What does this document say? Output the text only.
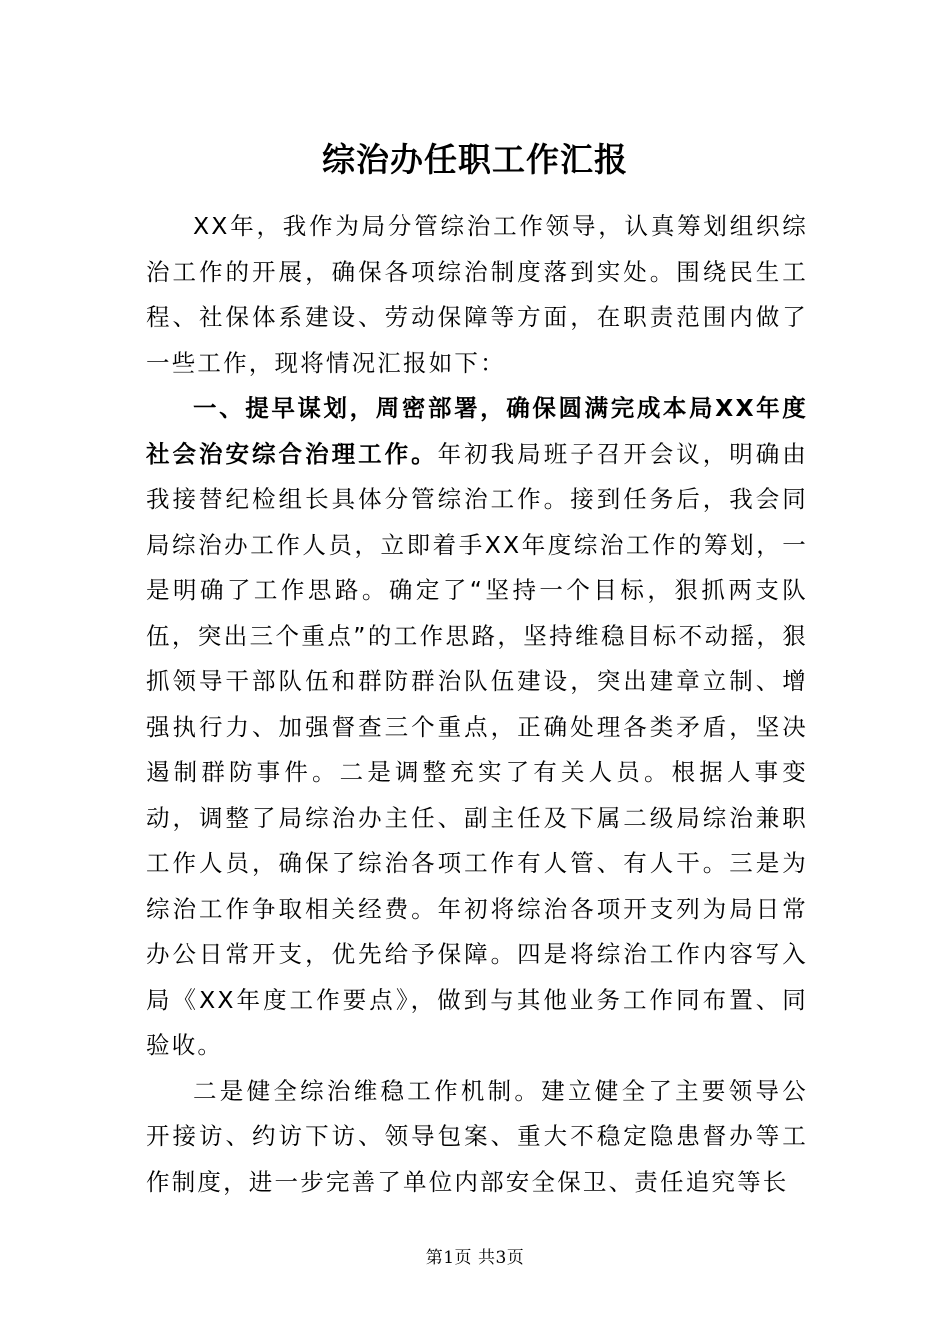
综治办任职工作汇报

XX年，我作为局分管综治工作领导，认真筹划组织综治工作的开展，确保各项综治制度落到实处。围绕民生工程、社保体系建设、劳动保障等方面，在职责范围内做了一些工作，现将情况汇报如下：

一、提早谋划，周密部署，确保圆满完成本局XX年度社会治安综合治理工作。年初我局班子召开会议，明确由我接替纪检组长具体分管综治工作。接到任务后，我会同局综治办工作人员，立即着手XX年度综治工作的筹划，一是明确了工作思路。确定了“坚持一个目标，狠抓两支队伍，突出三个重点”的工作思路，坚持维稳目标不动摇，狠抓领导干部队伍和群防群治队伍建设，突出建章立制、增强执行力、加强督查三个重点，正确处理各类矛盾，坚决遏制群防事件。二是调整充实了有关人员。根据人事变动，调整了局综治办主任、副主任及下属二级局综治兼职工作人员，确保了综治各项工作有人管、有人干。三是为综治工作争取相关经费。年初将综治各项开支列为局日常办公日常开支，优先给予保障。四是将综治工作内容写入局《XX年度工作要点》，做到与其他业务工作同布置、同验收。

二是健全综治维稳工作机制。建立健全了主要领导公开接访、约访下访、领导包案、重大不稳定隐患督办等工作制度，进一步完善了单位内部安全保卫、责任追究等长

第1页 共3页
